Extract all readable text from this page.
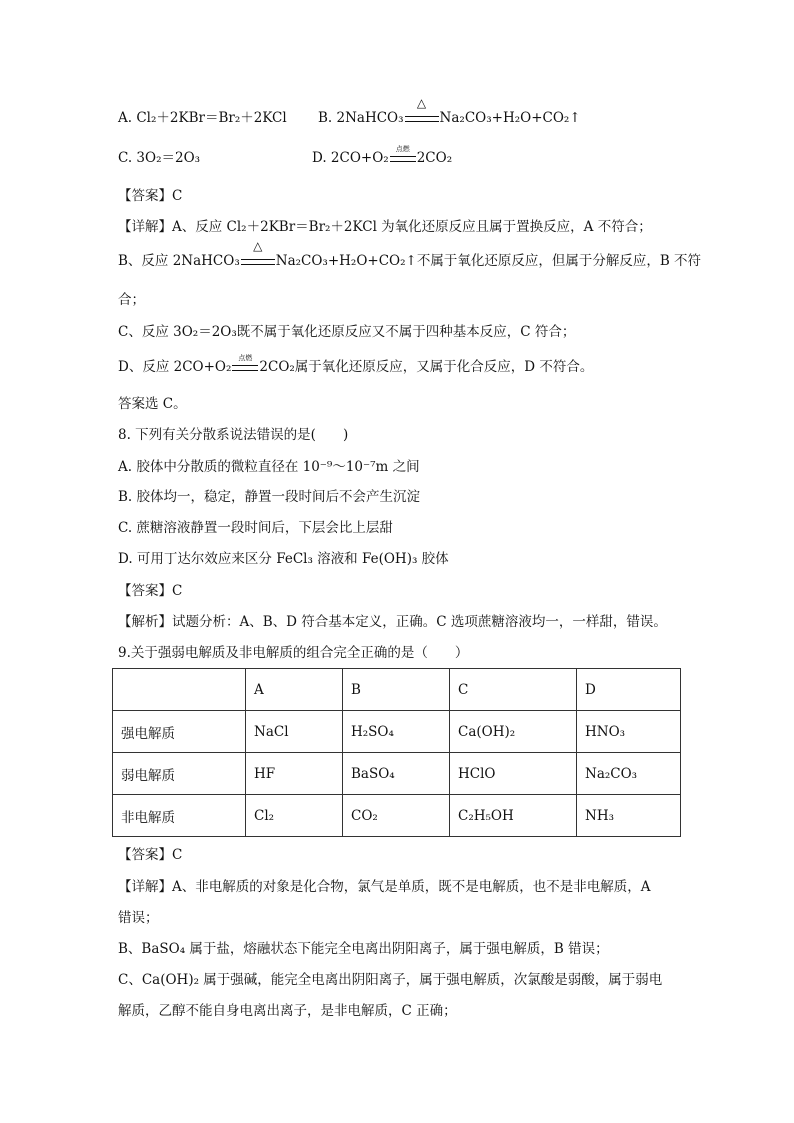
A. Cl₂＋2KBr＝Br₂＋2KCl B. 2NaHCO₃
△
Na₂CO₃+H₂O+CO₂↑
C. 3O₂＝2O₃	D. 2CO+O₂
点燃
2CO₂
【答案】C
【详解】A、反应 Cl₂＋2KBr＝Br₂＋2KCl 为氧化还原反应且属于置换反应，A 不符合；
B、反应 2NaHCO₃
△
Na₂CO₃+H₂O+CO₂↑不属于氧化还原反应，但属于分解反应，B 不符
合；
C、反应 3O₂＝2O₃既不属于氧化还原反应又不属于四种基本反应，C 符合；
D、反应 2CO+O₂
点燃
2CO₂属于氧化还原反应，又属于化合反应，D 不符合。
答案选 C。
8. 下列有关分散系说法错误的是(　　)
A. 胶体中分散质的微粒直径在 10⁻⁹～10⁻⁷m 之间
B. 胶体均一，稳定，静置一段时间后不会产生沉淀
C. 蔗糖溶液静置一段时间后，下层会比上层甜
D. 可用丁达尔效应来区分 FeCl₃ 溶液和 Fe(OH)₃ 胶体
【答案】C
【解析】试题分析：A、B、D 符合基本定义，正确。C 选项蔗糖溶液均一，一样甜，错误。
9.关于强弱电解质及非电解质的组合完全正确的是（　　）
	A	B	C	D
强电解质	NaCl	H₂SO₄	Ca(OH)₂	HNO₃
弱电解质	HF	BaSO₄	HClO	Na₂CO₃
非电解质	Cl₂	CO₂	C₂H₅OH	NH₃
【答案】C
【详解】A、非电解质的对象是化合物，氯气是单质，既不是电解质，也不是非电解质，A
错误；
B、BaSO₄ 属于盐，熔融状态下能完全电离出阴阳离子，属于强电解质，B 错误；
C、Ca(OH)₂ 属于强碱，能完全电离出阴阳离子，属于强电解质，次氯酸是弱酸，属于弱电
解质，乙醇不能自身电离出离子，是非电解质，C 正确；
